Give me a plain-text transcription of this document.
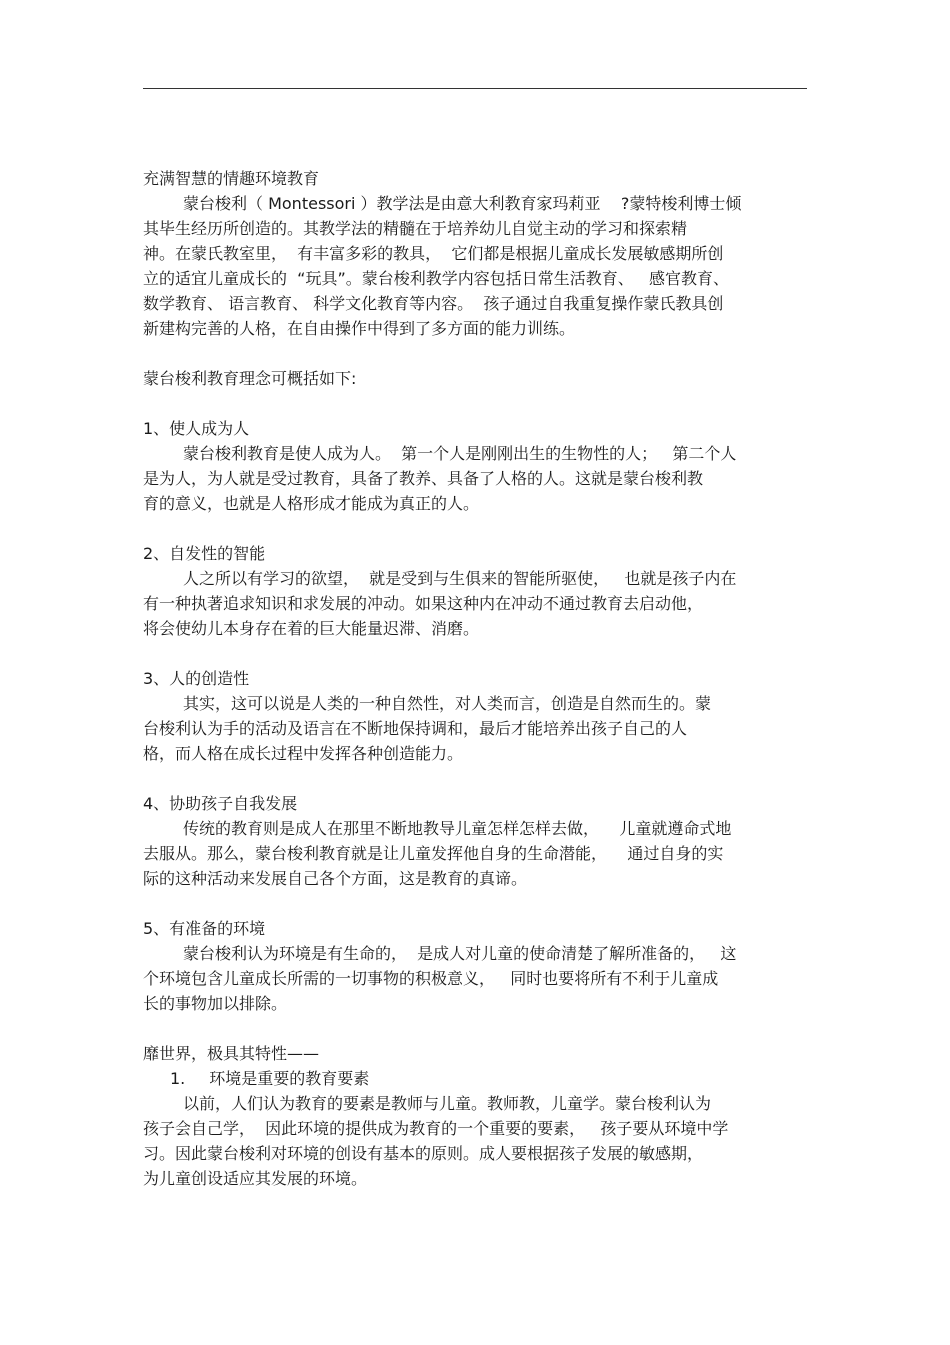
充满智慧的情趣环境教育
蒙台梭利（ Montessori ）教学法是由意大利教育家玛莉亚    ?蒙特梭利博士倾
其毕生经历所创造的。其教学法的精髓在于培养幼儿自觉主动的学习和探索精
神。在蒙氏教室里，  有丰富多彩的教具，  它们都是根据儿童成长发展敏感期所创
立的适宜儿童成长的  “玩具”。蒙台梭利教学内容包括日常生活教育、   感官教育、
数学教育、 语言教育、 科学文化教育等内容。  孩子通过自我重复操作蒙氏教具创
新建构完善的人格，在自由操作中得到了多方面的能力训练。
蒙台梭利教育理念可概括如下:
1、使人成为人
蒙台梭利教育是使人成为人。  第一个人是刚刚出生的生物性的人；   第二个人
是为人，为人就是受过教育，具备了教养、具备了人格的人。这就是蒙台梭利教
育的意义，也就是人格形成才能成为真正的人。
2、自发性的智能
人之所以有学习的欲望，  就是受到与生俱来的智能所驱使，   也就是孩子内在
有一种执著追求知识和求发展的冲动。如果这种内在冲动不通过教育去启动他，
将会使幼儿本身存在着的巨大能量迟滞、消磨。
3、人的创造性
其实，这可以说是人类的一种自然性，对人类而言，创造是自然而生的。蒙
台梭利认为手的活动及语言在不断地保持调和，最后才能培养出孩子自己的人
格，而人格在成长过程中发挥各种创造能力。
4、协助孩子自我发展
传统的教育则是成人在那里不断地教导儿童怎样怎样去做，    儿童就遵命式地
去服从。那么，蒙台梭利教育就是让儿童发挥他自身的生命潜能，    通过自身的实
际的这种活动来发展自己各个方面，这是教育的真谛。
5、有准备的环境
蒙台梭利认为环境是有生命的，  是成人对儿童的使命清楚了解所准备的，   这
个环境包含儿童成长所需的一切事物的积极意义，   同时也要将所有不利于儿童成
长的事物加以排除。
靡世界，极具其特性——
1. 环境是重要的教育要素
以前，人们认为教育的要素是教师与儿童。教师教，儿童学。蒙台梭利认为
孩子会自己学，  因此环境的提供成为教育的一个重要的要素，   孩子要从环境中学
习。因此蒙台梭利对环境的创设有基本的原则。成人要根据孩子发展的敏感期，
为儿童创设适应其发展的环境。
